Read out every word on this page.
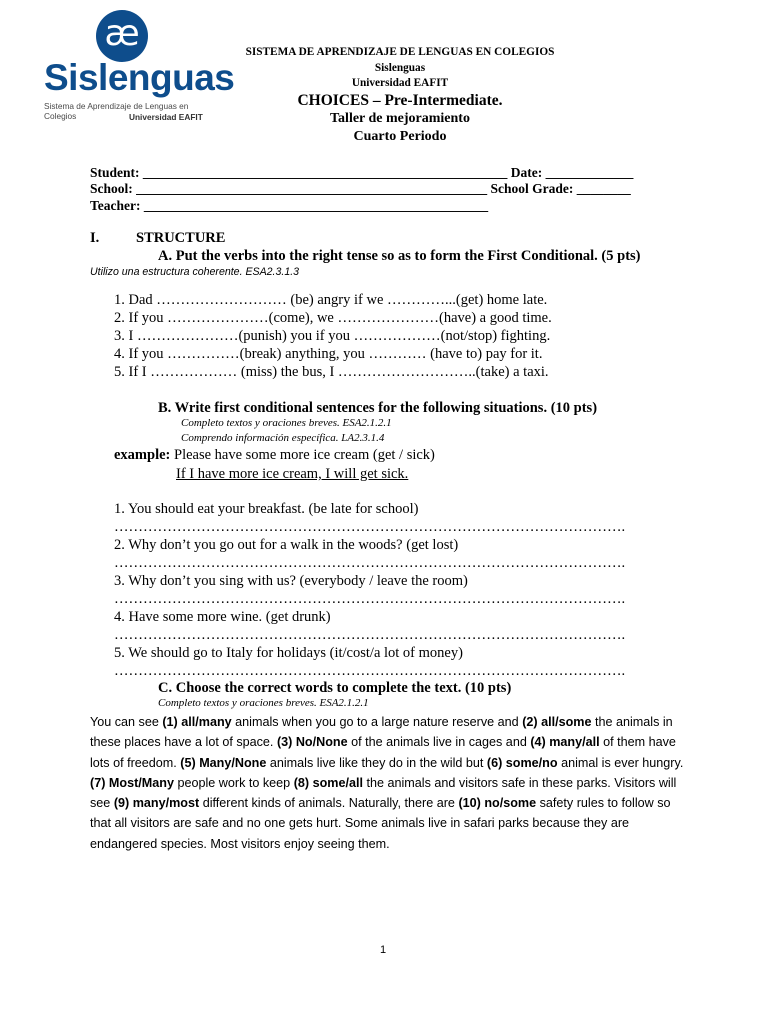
æ
Sislenguas
Sistema de Aprendizaje de Lenguas en Colegios	Universidad EAFIT
SISTEMA DE APRENDIZAJE DE LENGUAS EN COLEGIOS
Sislenguas
Universidad EAFIT
CHOICES – Pre-Intermediate.
Taller de mejoramiento
Cuarto Periodo
Student: ______________________________________________________ Date: _____________
School: ____________________________________________________ School Grade: ________
Teacher: ___________________________________________________
I.	STRUCTURE
A. Put the verbs into the right tense so as to form the First Conditional. (5 pts)
Utilizo una estructura coherente. ESA2.3.1.3
1. Dad ……………………… (be) angry if we …………...(get) home late.
2. If you …………………(come), we …………………(have) a good time.
3. I …………………(punish) you if you ………………(not/stop) fighting.
4. If you ……………(break) anything, you ………… (have to) pay for it.
5. If I ……………… (miss) the bus, I ………………………..(take) a taxi.
B. Write first conditional sentences for the following situations. (10 pts)
Completo textos y oraciones breves. ESA2.1.2.1
Comprendo información específica. LA2.3.1.4
example: Please have some more ice cream (get / sick)
If I have more ice cream, I will get sick.
1. You should eat your breakfast. (be late for school)
…………………………………………………………………………………………….
2. Why don’t you go out for a walk in the woods? (get lost)
…………………………………………………………………………………………….
3. Why don’t you sing with us? (everybody / leave the room)
…………………………………………………………………………………………….
4. Have some more wine. (get drunk)
…………………………………………………………………………………………….
5. We should go to Italy for holidays (it/cost/a lot of money)
…………………………………………………………………………………………….
C. Choose the correct words to complete the text. (10 pts)
Completo textos y oraciones breves. ESA2.1.2.1
You can see (1) all/many animals when you go to a large nature reserve and (2) all/some the animals in these places have a lot of space. (3) No/None of the animals live in cages and (4) many/all of them have lots of freedom. (5) Many/None animals live like they do in the wild but (6) some/no animal is ever hungry. (7) Most/Many people work to keep (8) some/all the animals and visitors safe in these parks. Visitors will see (9) many/most different kinds of animals. Naturally, there are (10) no/some safety rules to follow so that all visitors are safe and no one gets hurt. Some animals live in safari parks because they are endangered species. Most visitors enjoy seeing them.
1
